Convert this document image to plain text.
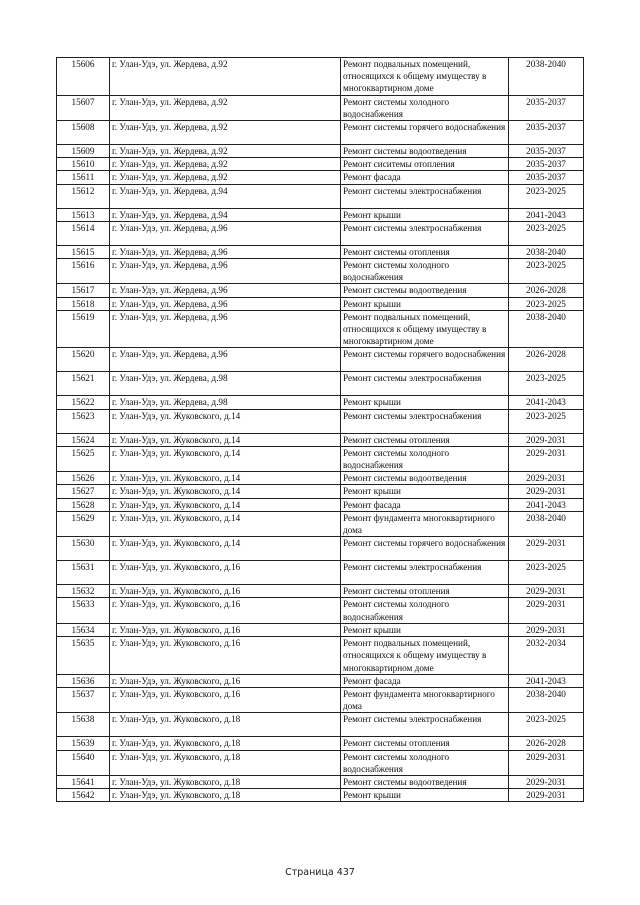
15606	г. Улан-Удэ, ул. Жердева, д.92	Ремонт подвальных помещений, относящихся к общему имуществу в многоквартирном доме	2038-2040
15607	г. Улан-Удэ, ул. Жердева, д.92	Ремонт системы холодного водоснабжения	2035-2037
15608	г. Улан-Удэ, ул. Жердева, д.92	Ремонт системы горячего водоснабжения	2035-2037
15609	г. Улан-Удэ, ул. Жердева, д.92	Ремонт системы водоотведения	2035-2037
15610	г. Улан-Удэ, ул. Жердева, д.92	Ремонт сиситемы отопления	2035-2037
15611	г. Улан-Удэ, ул. Жердева, д.92	Ремонт фасада	2035-2037
15612	г. Улан-Удэ, ул. Жердева, д.94	Ремонт системы электроснабжения	2023-2025
15613	г. Улан-Удэ, ул. Жердева, д.94	Ремонт крыши	2041-2043
15614	г. Улан-Удэ, ул. Жердева, д.96	Ремонт системы электроснабжения	2023-2025
15615	г. Улан-Удэ, ул. Жердева, д.96	Ремонт системы отопления	2038-2040
15616	г. Улан-Удэ, ул. Жердева, д.96	Ремонт системы холодного водоснабжения	2023-2025
15617	г. Улан-Удэ, ул. Жердева, д.96	Ремонт системы водоотведения	2026-2028
15618	г. Улан-Удэ, ул. Жердева, д.96	Ремонт крыши	2023-2025
15619	г. Улан-Удэ, ул. Жердева, д.96	Ремонт подвальных помещений, относящихся к общему имуществу в многоквартирном доме	2038-2040
15620	г. Улан-Удэ, ул. Жердева, д.96	Ремонт системы горячего водоснабжения	2026-2028
15621	г. Улан-Удэ, ул. Жердева, д.98	Ремонт системы электроснабжения	2023-2025
15622	г. Улан-Удэ, ул. Жердева, д.98	Ремонт крыши	2041-2043
15623	г. Улан-Удэ, ул. Жуковского, д.14	Ремонт системы электроснабжения	2023-2025
15624	г. Улан-Удэ, ул. Жуковского, д.14	Ремонт системы отопления	2029-2031
15625	г. Улан-Удэ, ул. Жуковского, д.14	Ремонт системы холодного водоснабжения	2029-2031
15626	г. Улан-Удэ, ул. Жуковского, д.14	Ремонт системы водоотведения	2029-2031
15627	г. Улан-Удэ, ул. Жуковского, д.14	Ремонт крыши	2029-2031
15628	г. Улан-Удэ, ул. Жуковского, д.14	Ремонт фасада	2041-2043
15629	г. Улан-Удэ, ул. Жуковского, д.14	Ремонт фундамента многоквартирного дома	2038-2040
15630	г. Улан-Удэ, ул. Жуковского, д.14	Ремонт системы горячего водоснабжения	2029-2031
15631	г. Улан-Удэ, ул. Жуковского, д.16	Ремонт системы электроснабжения	2023-2025
15632	г. Улан-Удэ, ул. Жуковского, д.16	Ремонт системы отопления	2029-2031
15633	г. Улан-Удэ, ул. Жуковского, д.16	Ремонт системы холодного водоснабжения	2029-2031
15634	г. Улан-Удэ, ул. Жуковского, д.16	Ремонт крыши	2029-2031
15635	г. Улан-Удэ, ул. Жуковского, д.16	Ремонт подвальных помещений, относящихся к общему имуществу в многоквартирном доме	2032-2034
15636	г. Улан-Удэ, ул. Жуковского, д.16	Ремонт фасада	2041-2043
15637	г. Улан-Удэ, ул. Жуковского, д.16	Ремонт фундамента многоквартирного дома	2038-2040
15638	г. Улан-Удэ, ул. Жуковского, д.18	Ремонт системы электроснабжения	2023-2025
15639	г. Улан-Удэ, ул. Жуковского, д.18	Ремонт системы отопления	2026-2028
15640	г. Улан-Удэ, ул. Жуковского, д.18	Ремонт системы холодного водоснабжения	2029-2031
15641	г. Улан-Удэ, ул. Жуковского, д.18	Ремонт системы водоотведения	2029-2031
15642	г. Улан-Удэ, ул. Жуковского, д.18	Ремонт крыши	2029-2031
Страница 437
